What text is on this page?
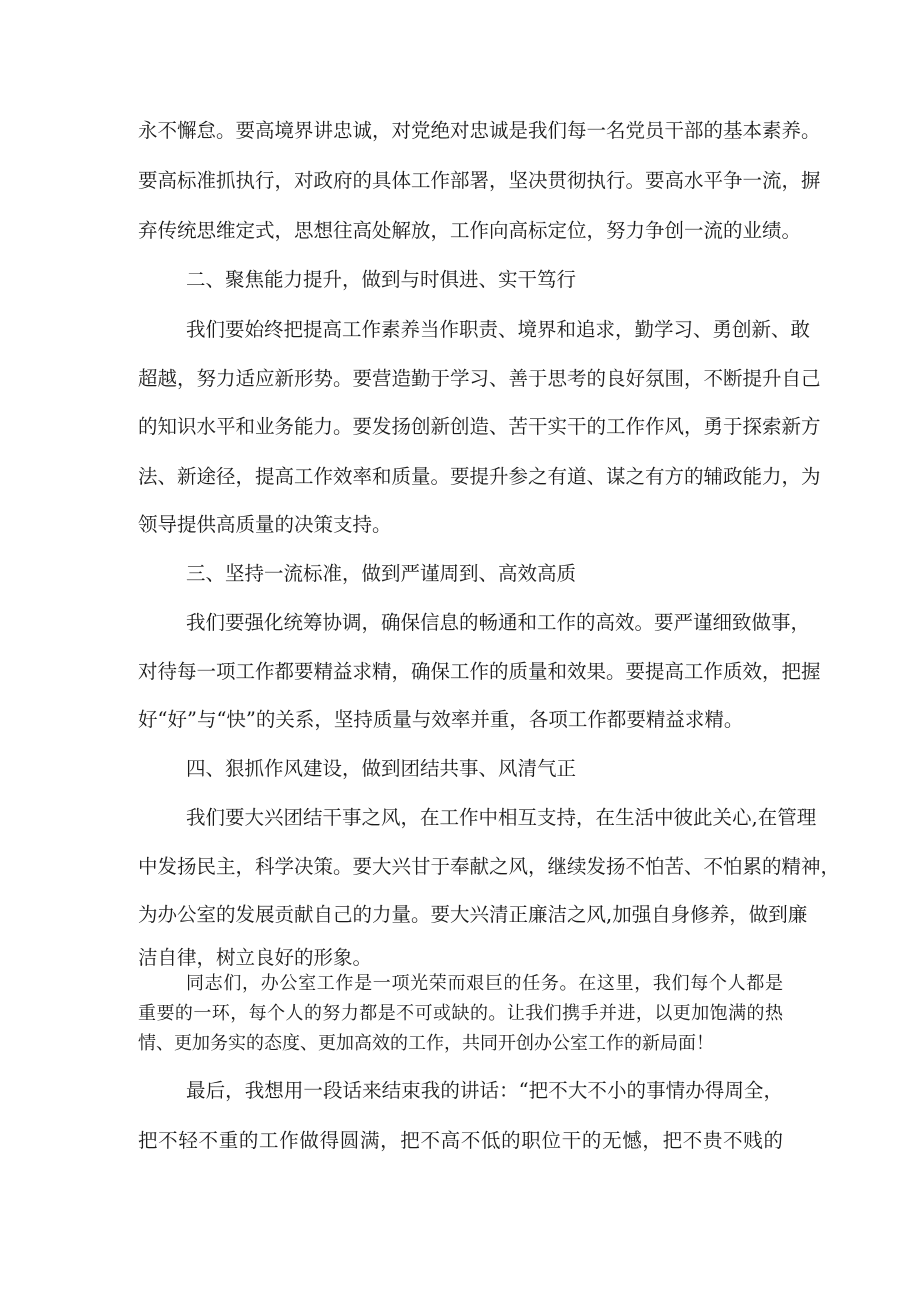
永不懈怠。要高境界讲忠诚，对党绝对忠诚是我们每一名党员干部的基本素养。

要高标准抓执行，对政府的具体工作部署，坚决贯彻执行。要高水平争一流，摒

弃传统思维定式，思想往高处解放，工作向高标定位，努力争创一流的业绩。

二、聚焦能力提升，做到与时俱进、实干笃行

我们要始终把提高工作素养当作职责、境界和追求，勤学习、勇创新、敢

超越，努力适应新形势。要营造勤于学习、善于思考的良好氛围，不断提升自己

的知识水平和业务能力。要发扬创新创造、苦干实干的工作作风，勇于探索新方

法、新途径，提高工作效率和质量。要提升参之有道、谋之有方的辅政能力，为

领导提供高质量的决策支持。

三、坚持一流标准，做到严谨周到、高效高质

我们要强化统筹协调，确保信息的畅通和工作的高效。要严谨细致做事，

对待每一项工作都要精益求精，确保工作的质量和效果。要提高工作质效，把握

好“好”与“快”的关系，坚持质量与效率并重，各项工作都要精益求精。

四、狠抓作风建设，做到团结共事、风清气正

我们要大兴团结干事之风，在工作中相互支持，在生活中彼此关心,在管理

中发扬民主，科学决策。要大兴甘于奉献之风，继续发扬不怕苦、不怕累的精神，

为办公室的发展贡献自己的力量。要大兴清正廉洁之风,加强自身修养，做到廉

洁自律，树立良好的形象。

同志们，办公室工作是一项光荣而艰巨的任务。在这里，我们每个人都是

重要的一环，每个人的努力都是不可或缺的。让我们携手并进，以更加饱满的热

情、更加务实的态度、更加高效的工作，共同开创办公室工作的新局面！

最后，我想用一段话来结束我的讲话：“把不大不小的事情办得周全，

把不轻不重的工作做得圆满，把不高不低的职位干的无憾，把不贵不贱的
